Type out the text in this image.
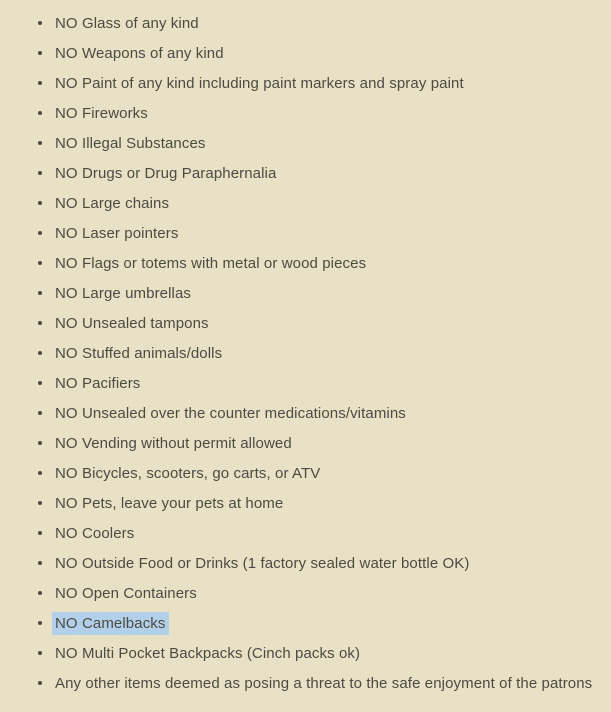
NO Glass of any kind
NO Weapons of any kind
NO Paint of any kind including paint markers and spray paint
NO Fireworks
NO Illegal Substances
NO Drugs or Drug Paraphernalia
NO Large chains
NO Laser pointers
NO Flags or totems with metal or wood pieces
NO Large umbrellas
NO Unsealed tampons
NO Stuffed animals/dolls
NO Pacifiers
NO Unsealed over the counter medications/vitamins
NO Vending without permit allowed
NO Bicycles, scooters, go carts, or ATV
NO Pets, leave your pets at home
NO Coolers
NO Outside Food or Drinks (1 factory sealed water bottle OK)
NO Open Containers
NO Camelbacks
NO Multi Pocket Backpacks (Cinch packs ok)
Any other items deemed as posing a threat to the safe enjoyment of the patrons
